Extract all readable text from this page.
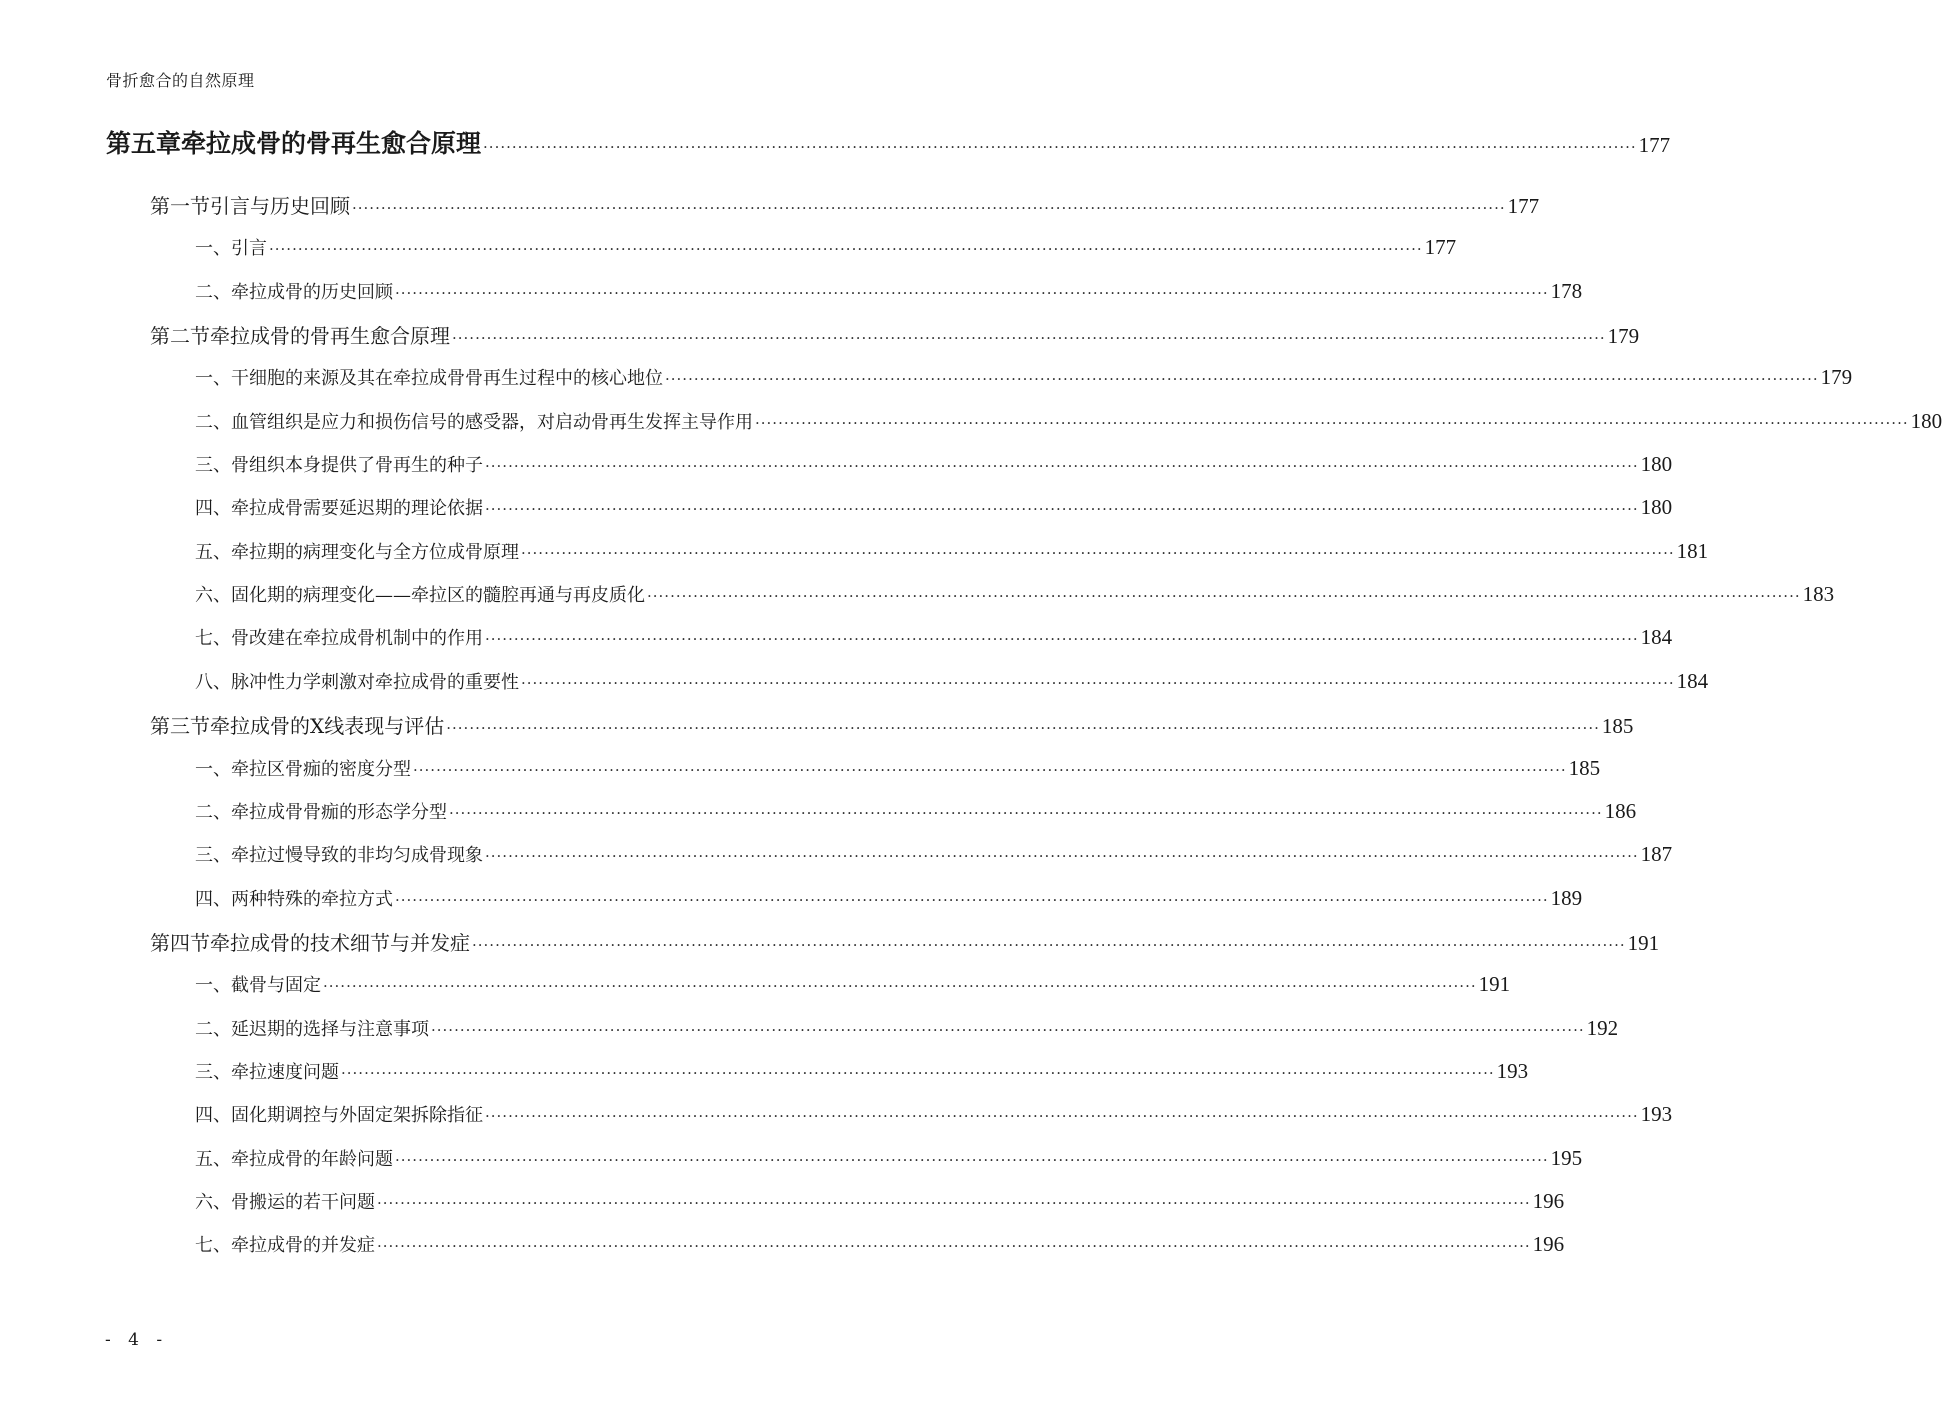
骨折愈合的自然原理
第五章 牵拉成骨的骨再生愈合原理 ········································································································································································································ 177
第一节 引言与历史回顾 ········································································································································································································ 177
一、引言 ········································································································································································································ 177
二、牵拉成骨的历史回顾 ········································································································································································································ 178
第二节 牵拉成骨的骨再生愈合原理 ········································································································································································································ 179
一、干细胞的来源及其在牵拉成骨骨再生过程中的核心地位 ········································································································································································································ 179
二、血管组织是应力和损伤信号的感受器，对启动骨再生发挥主导作用 ········································································································································································································ 180
三、骨组织本身提供了骨再生的种子 ········································································································································································································ 180
四、牵拉成骨需要延迟期的理论依据 ········································································································································································································ 180
五、牵拉期的病理变化与全方位成骨原理 ········································································································································································································ 181
六、固化期的病理变化——牵拉区的髓腔再通与再皮质化 ········································································································································································································ 183
七、骨改建在牵拉成骨机制中的作用 ········································································································································································································ 184
八、脉冲性力学刺激对牵拉成骨的重要性 ········································································································································································································ 184
第三节 牵拉成骨的X线表现与评估 ········································································································································································································ 185
一、牵拉区骨痂的密度分型 ········································································································································································································ 185
二、牵拉成骨骨痂的形态学分型 ········································································································································································································ 186
三、牵拉过慢导致的非均匀成骨现象 ········································································································································································································ 187
四、两种特殊的牵拉方式 ········································································································································································································ 189
第四节 牵拉成骨的技术细节与并发症 ········································································································································································································ 191
一、截骨与固定 ········································································································································································································ 191
二、延迟期的选择与注意事项 ········································································································································································································ 192
三、牵拉速度问题 ········································································································································································································ 193
四、固化期调控与外固定架拆除指征 ········································································································································································································ 193
五、牵拉成骨的年龄问题 ········································································································································································································ 195
六、骨搬运的若干问题 ········································································································································································································ 196
七、牵拉成骨的并发症 ········································································································································································································ 196
- 4 -
